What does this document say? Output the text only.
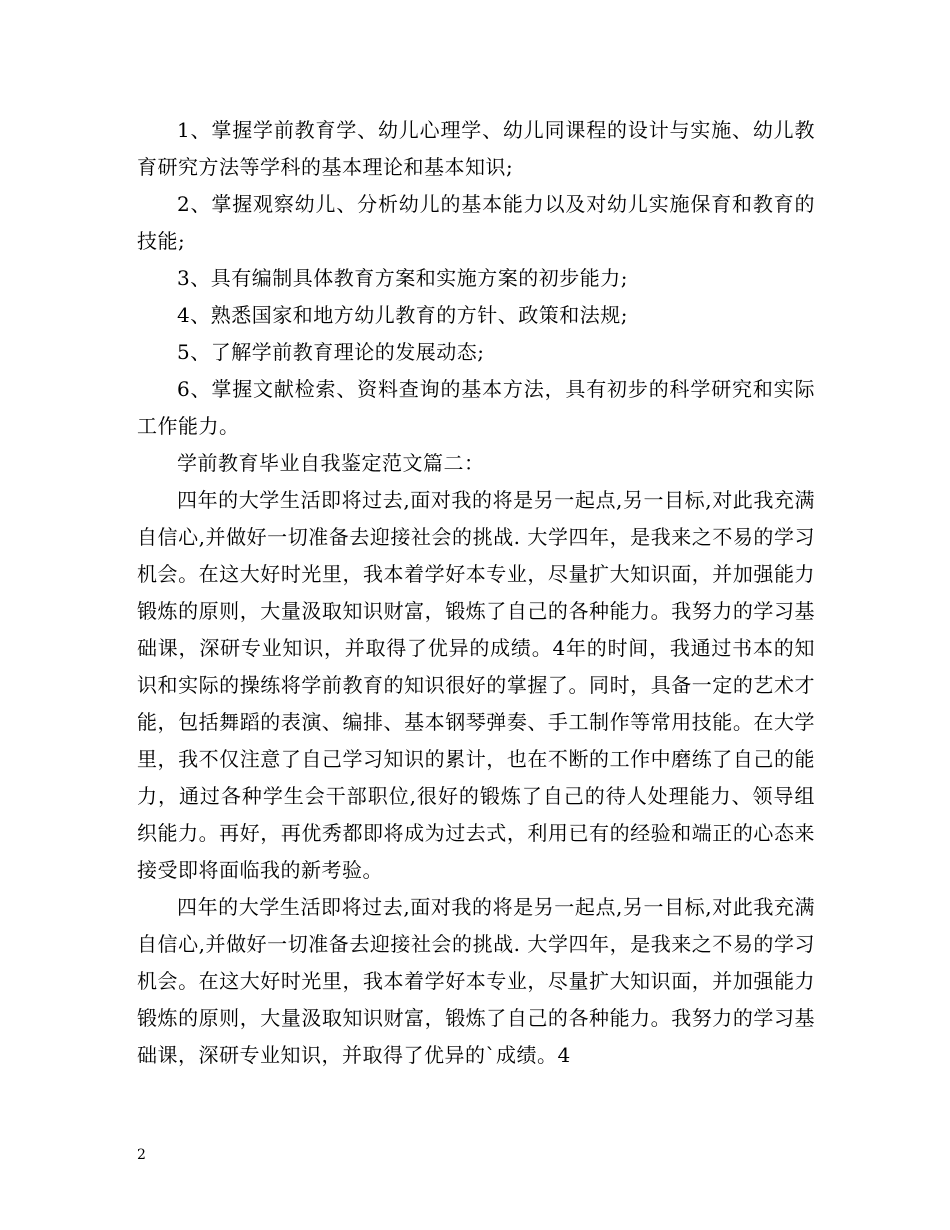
1、掌握学前教育学、幼儿心理学、幼儿同课程的设计与实施、幼儿教育研究方法等学科的基本理论和基本知识;

2、掌握观察幼儿、分析幼儿的基本能力以及对幼儿实施保育和教育的技能;

3、具有编制具体教育方案和实施方案的初步能力;

4、熟悉国家和地方幼儿教育的方针、政策和法规;

5、了解学前教育理论的发展动态;

6、掌握文献检索、资料查询的基本方法，具有初步的科学研究和实际工作能力。

学前教育毕业自我鉴定范文篇二：

四年的大学生活即将过去,面对我的将是另一起点,另一目标,对此我充满自信心,并做好一切准备去迎接社会的挑战. 大学四年，是我来之不易的学习机会。在这大好时光里，我本着学好本专业，尽量扩大知识面，并加强能力锻炼的原则，大量汲取知识财富，锻炼了自己的各种能力。我努力的学习基础课，深研专业知识，并取得了优异的成绩。4年的时间，我通过书本的知识和实际的操练将学前教育的知识很好的掌握了。同时，具备一定的艺术才能，包括舞蹈的表演、编排、基本钢琴弹奏、手工制作等常用技能。在大学里，我不仅注意了自己学习知识的累计，也在不断的工作中磨练了自己的能力，通过各种学生会干部职位,很好的锻炼了自己的待人处理能力、领导组织能力。再好，再优秀都即将成为过去式，利用已有的经验和端正的心态来接受即将面临我的新考验。

四年的大学生活即将过去,面对我的将是另一起点,另一目标,对此我充满自信心,并做好一切准备去迎接社会的挑战. 大学四年，是我来之不易的学习机会。在这大好时光里，我本着学好本专业，尽量扩大知识面，并加强能力锻炼的原则，大量汲取知识财富，锻炼了自己的各种能力。我努力的学习基础课，深研专业知识，并取得了优异的`成绩。4

2
